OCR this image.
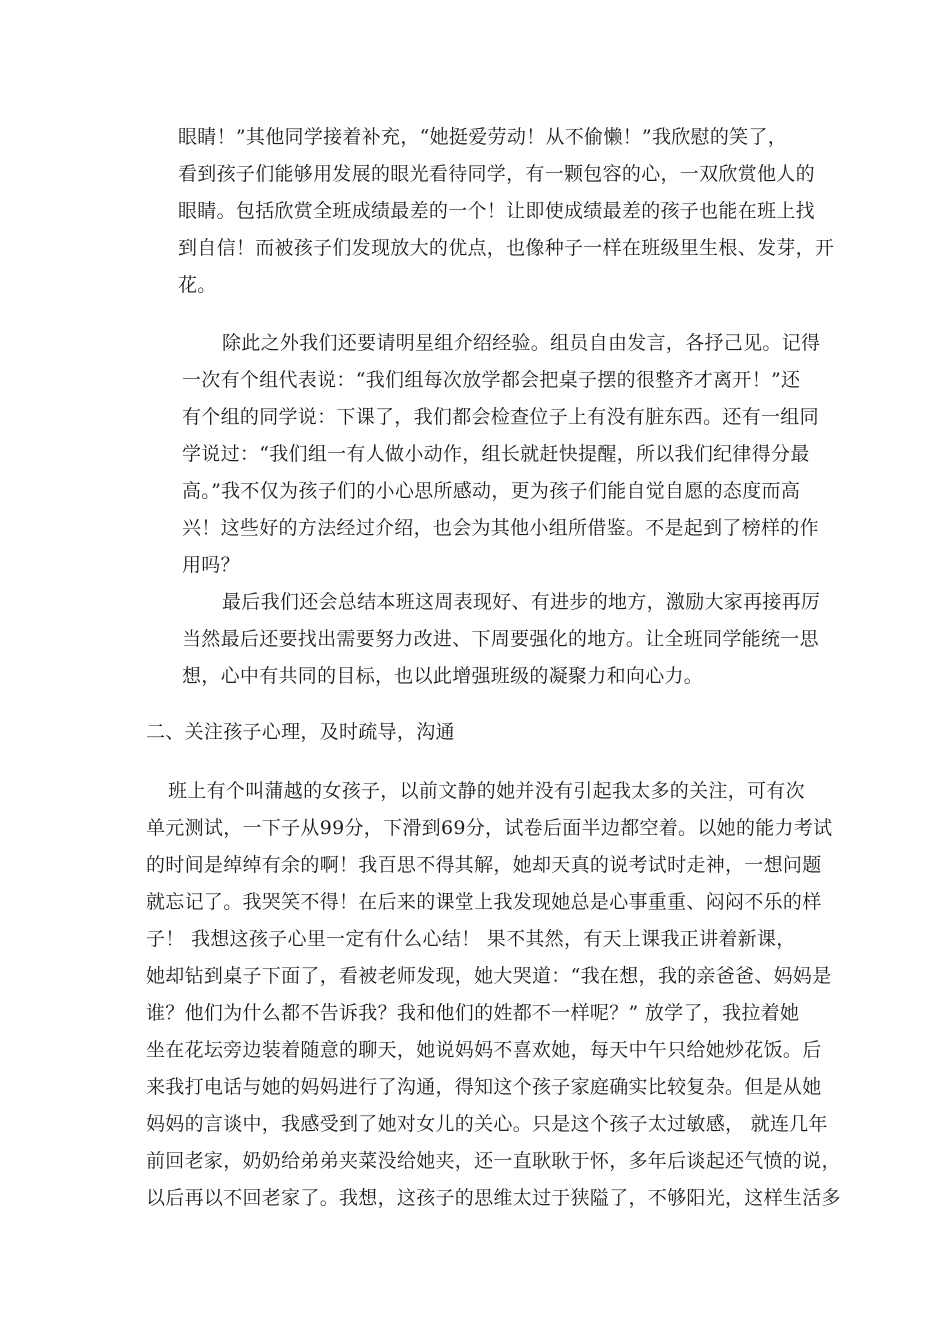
眼睛！”其他同学接着补充，“她挺爱劳动！从不偷懒！”我欣慰的笑了，
看到孩子们能够用发展的眼光看待同学，有一颗包容的心，一双欣赏他人的
眼睛。包括欣赏全班成绩最差的一个！让即使成绩最差的孩子也能在班上找
到自信！而被孩子们发现放大的优点，也像种子一样在班级里生根、发芽，开
花。
除此之外我们还要请明星组介绍经验。组员自由发言，各抒己见。记得
一次有个组代表说：“我们组每次放学都会把桌子摆的很整齐才离开！”还
有个组的同学说：下课了，我们都会检查位子上有没有脏东西。还有一组同
学说过：“我们组一有人做小动作，组长就赶快提醒，所以我们纪律得分最
高。”我不仅为孩子们的小心思所感动，更为孩子们能自觉自愿的态度而高
兴！这些好的方法经过介绍，也会为其他小组所借鉴。不是起到了榜样的作
用吗？
最后我们还会总结本班这周表现好、有进步的地方，激励大家再接再厉
当然最后还要找出需要努力改进、下周要强化的地方。让全班同学能统一思
想，心中有共同的目标，也以此增强班级的凝聚力和向心力。
二、关注孩子心理，及时疏导，沟通
班上有个叫蒲越的女孩子，以前文静的她并没有引起我太多的关注，可有次
单元测试，一下子从99分，下滑到69分，试卷后面半边都空着。以她的能力考试
的时间是绰绰有余的啊！我百思不得其解，她却天真的说考试时走神，一想问题
就忘记了。我哭笑不得！在后来的课堂上我发现她总是心事重重、闷闷不乐的样
子！ 我想这孩子心里一定有什么心结！ 果不其然，有天上课我正讲着新课，
她却钻到桌子下面了，看被老师发现，她大哭道：“我在想，我的亲爸爸、妈妈是
谁？他们为什么都不告诉我？我和他们的姓都不一样呢？” 放学了，我拉着她
坐在花坛旁边装着随意的聊天，她说妈妈不喜欢她，每天中午只给她炒花饭。后
来我打电话与她的妈妈进行了沟通，得知这个孩子家庭确实比较复杂。但是从她
妈妈的言谈中，我感受到了她对女儿的关心。只是这个孩子太过敏感， 就连几年
前回老家，奶奶给弟弟夹菜没给她夹，还一直耿耿于怀，多年后谈起还气愤的说，
以后再以不回老家了。我想，这孩子的思维太过于狭隘了，不够阳光，这样生活多
